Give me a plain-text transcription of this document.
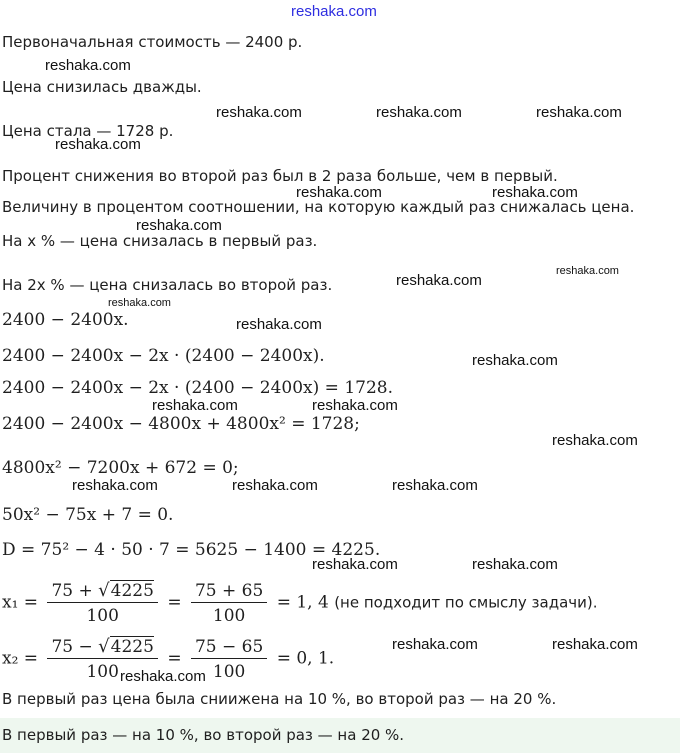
reshaka.com
reshaka.com
reshaka.com	reshaka.com	reshaka.com
reshaka.com
reshaka.com	reshaka.com
reshaka.com
reshaka.com
reshaka.com
reshaka.com
reshaka.com
reshaka.com
reshaka.com	reshaka.com
reshaka.com
reshaka.com	reshaka.com	reshaka.com
reshaka.com	reshaka.com
reshaka.com	reshaka.com
reshaka.com
Первоначальная стоимость — 2400 р.
Цена снизилась дважды.
Цена стала — 1728 р.
Процент снижения во второй раз был в 2 раза больше, чем в первый.
Величину в процентом соотношении, на которую каждый раз снижалась цена.
На x % — цена снизалась в первый раз.
На 2x % — цена снизалась во второй раз.
2400 − 2400x.
2400 − 2400x − 2x · (2400 − 2400x).
2400 − 2400x − 2x · (2400 − 2400x) = 1728.
2400 − 2400x − 4800x + 4800x² = 1728;
4800x² − 7200x + 672 = 0;
50x² − 75x + 7 = 0.
D = 75² − 4 · 50 · 7 = 5625 − 1400 = 4225.
$x_1 = \frac{75 + √4225}{100} = \frac{75 + 65}{100} = 1$, 4 (не подходит по смыслу задачи).
$x_2 = \frac{75 - √4225}{100} = \frac{75 - 65}{100} = 0$, 1.
В первый раз цена была сниижена на 10 %, во второй раз — на 20 %.
В первый раз — на 10 %, во второй раз — на 20 %.
